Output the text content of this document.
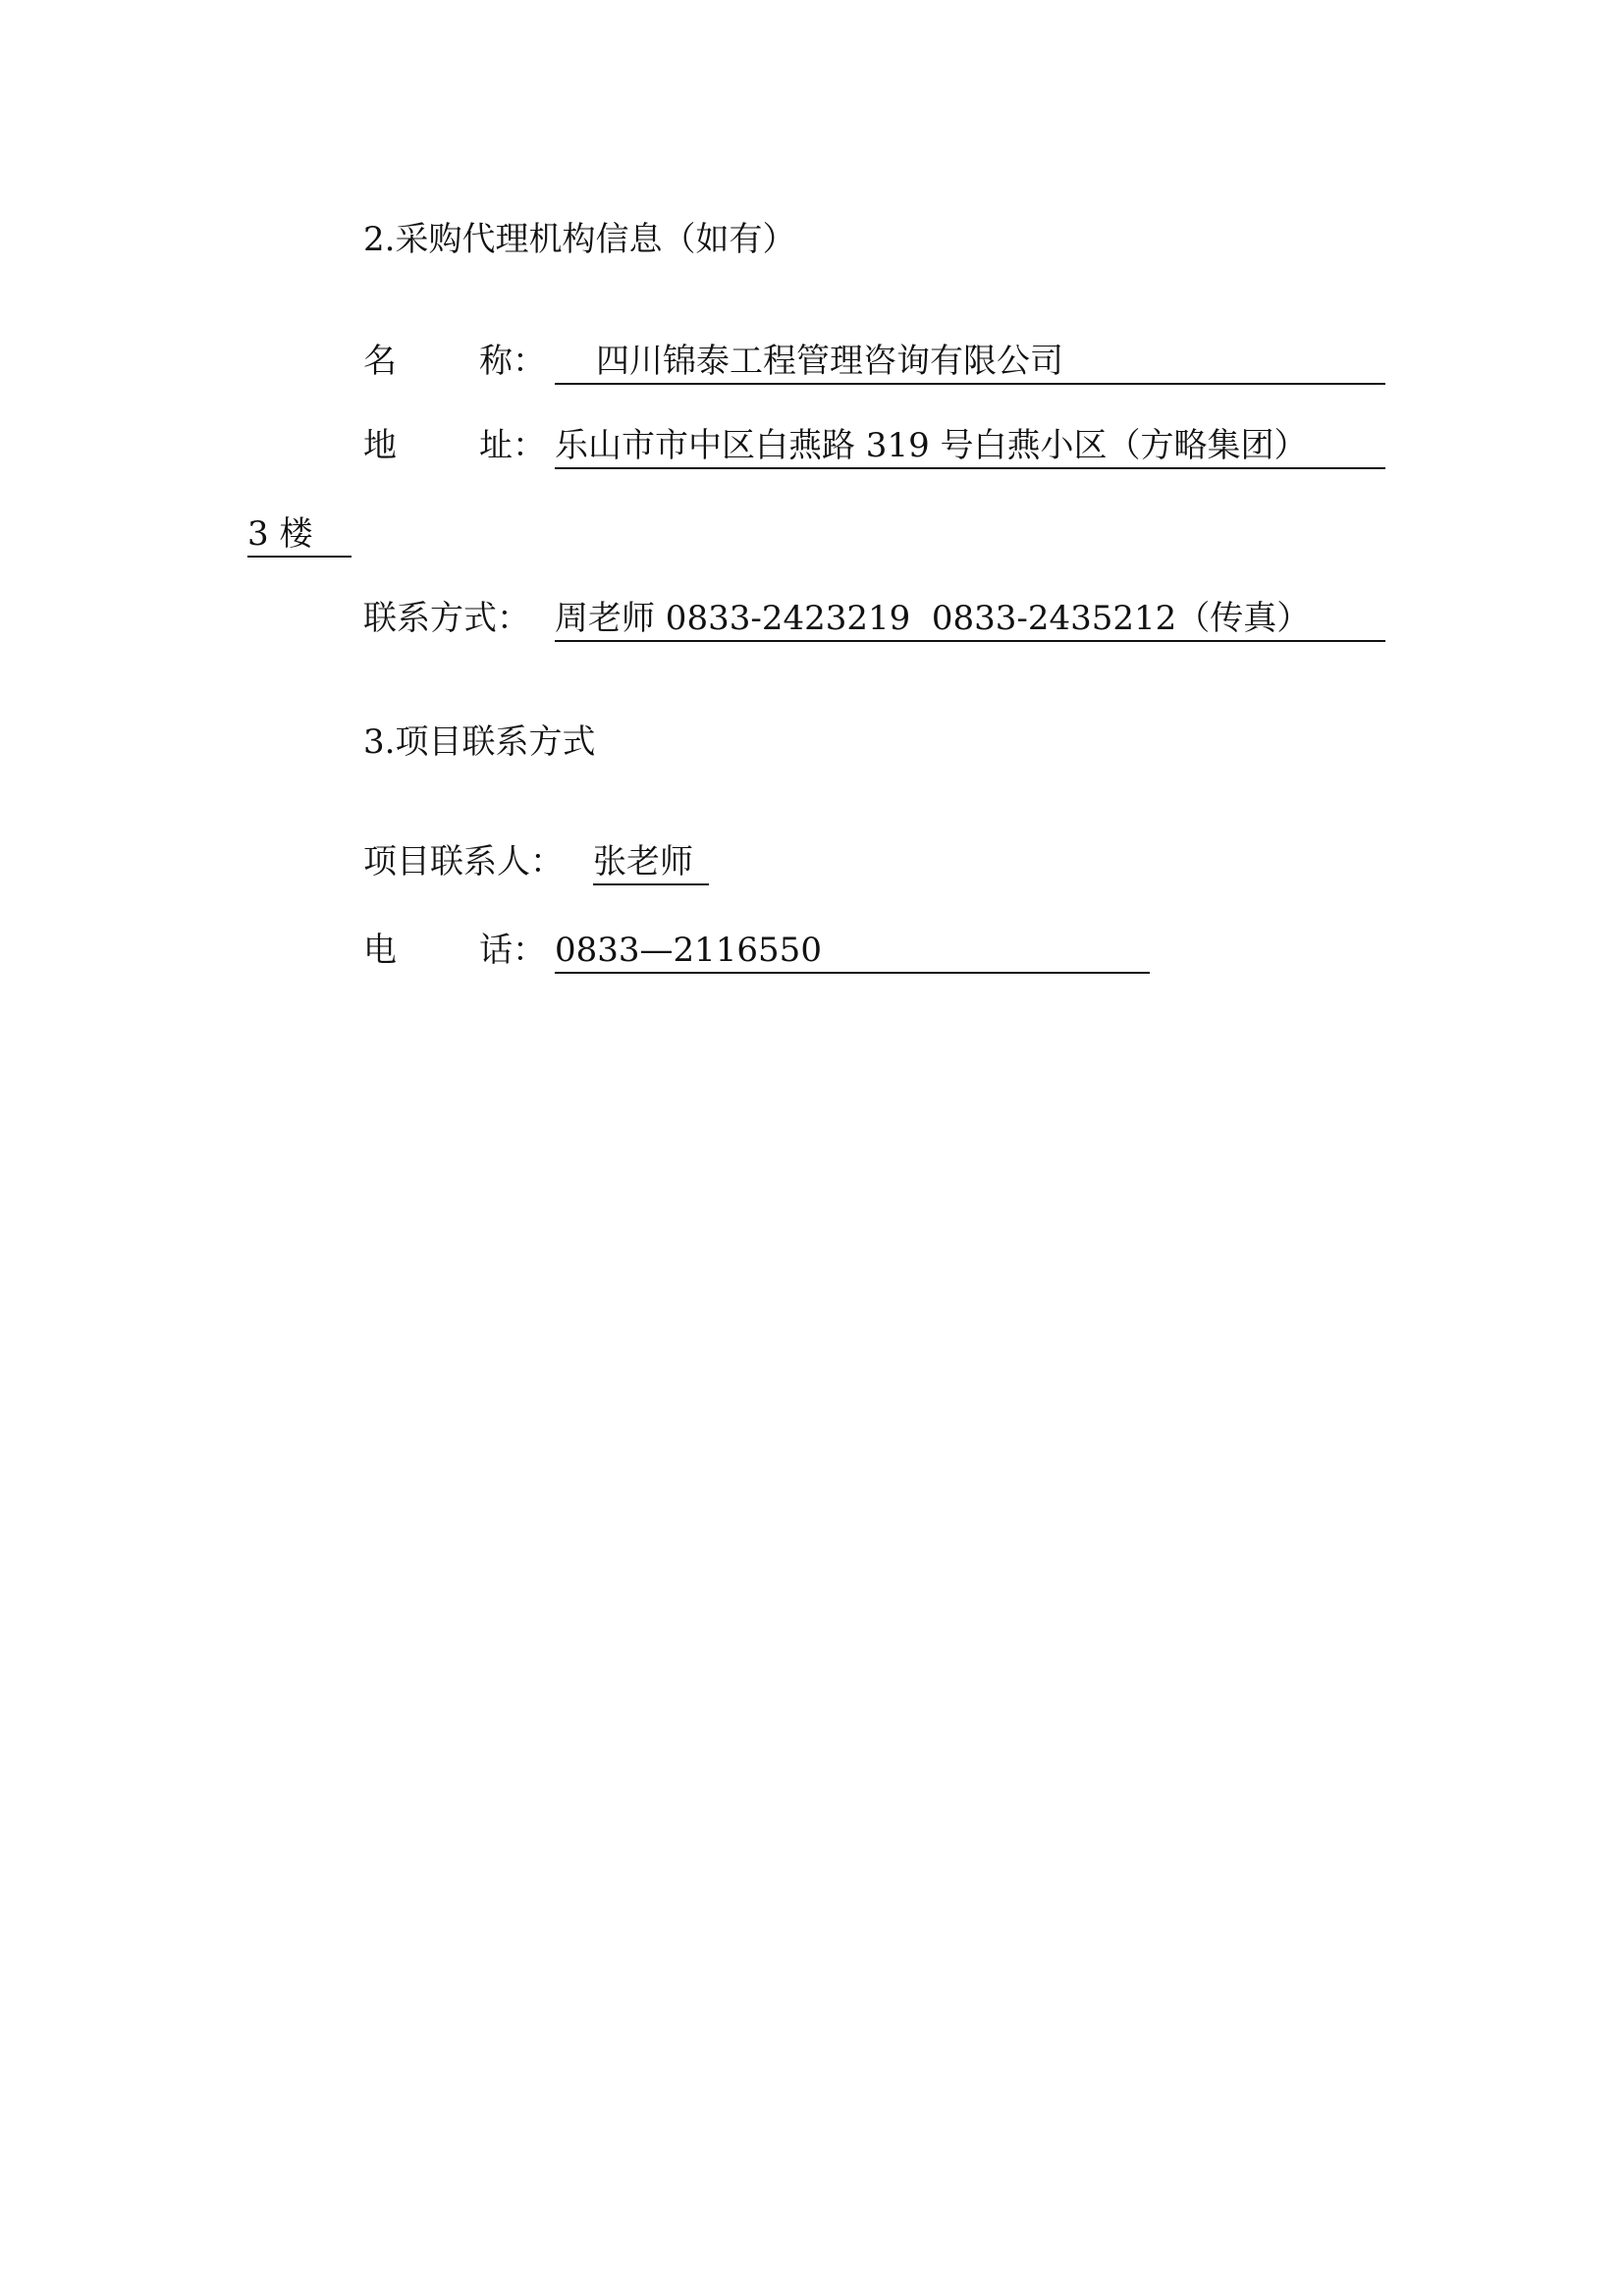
2.采购代理机构信息（如有）
名 称：	四川锦泰工程管理咨询有限公司
地 址： 乐山市市中区白燕路 319 号白燕小区（方略集团）
3 楼
联系方式： 周老师 0833-2423219  0833-2435212（传真）
3.项目联系方式
项目联系人： 张老师
电 话： 0833—2116550
